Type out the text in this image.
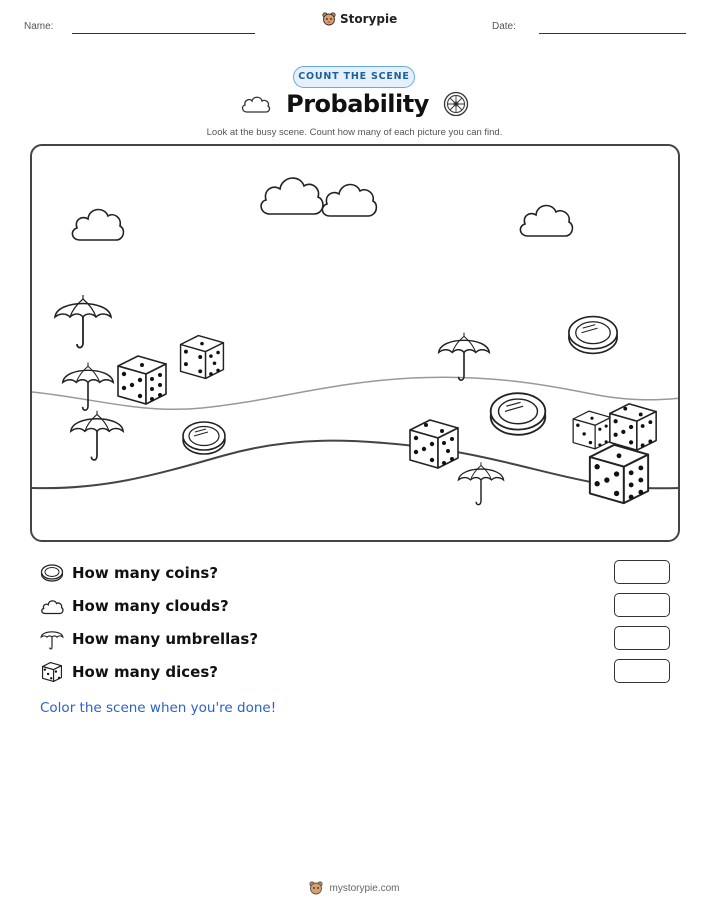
Name:
Storypie
Date:
COUNT THE SCENE
Probability
Look at the busy scene. Count how many of each picture you can find.
How many coins?
How many clouds?
How many umbrellas?
How many dices?
Color the scene when you're done!
mystorypie.com
